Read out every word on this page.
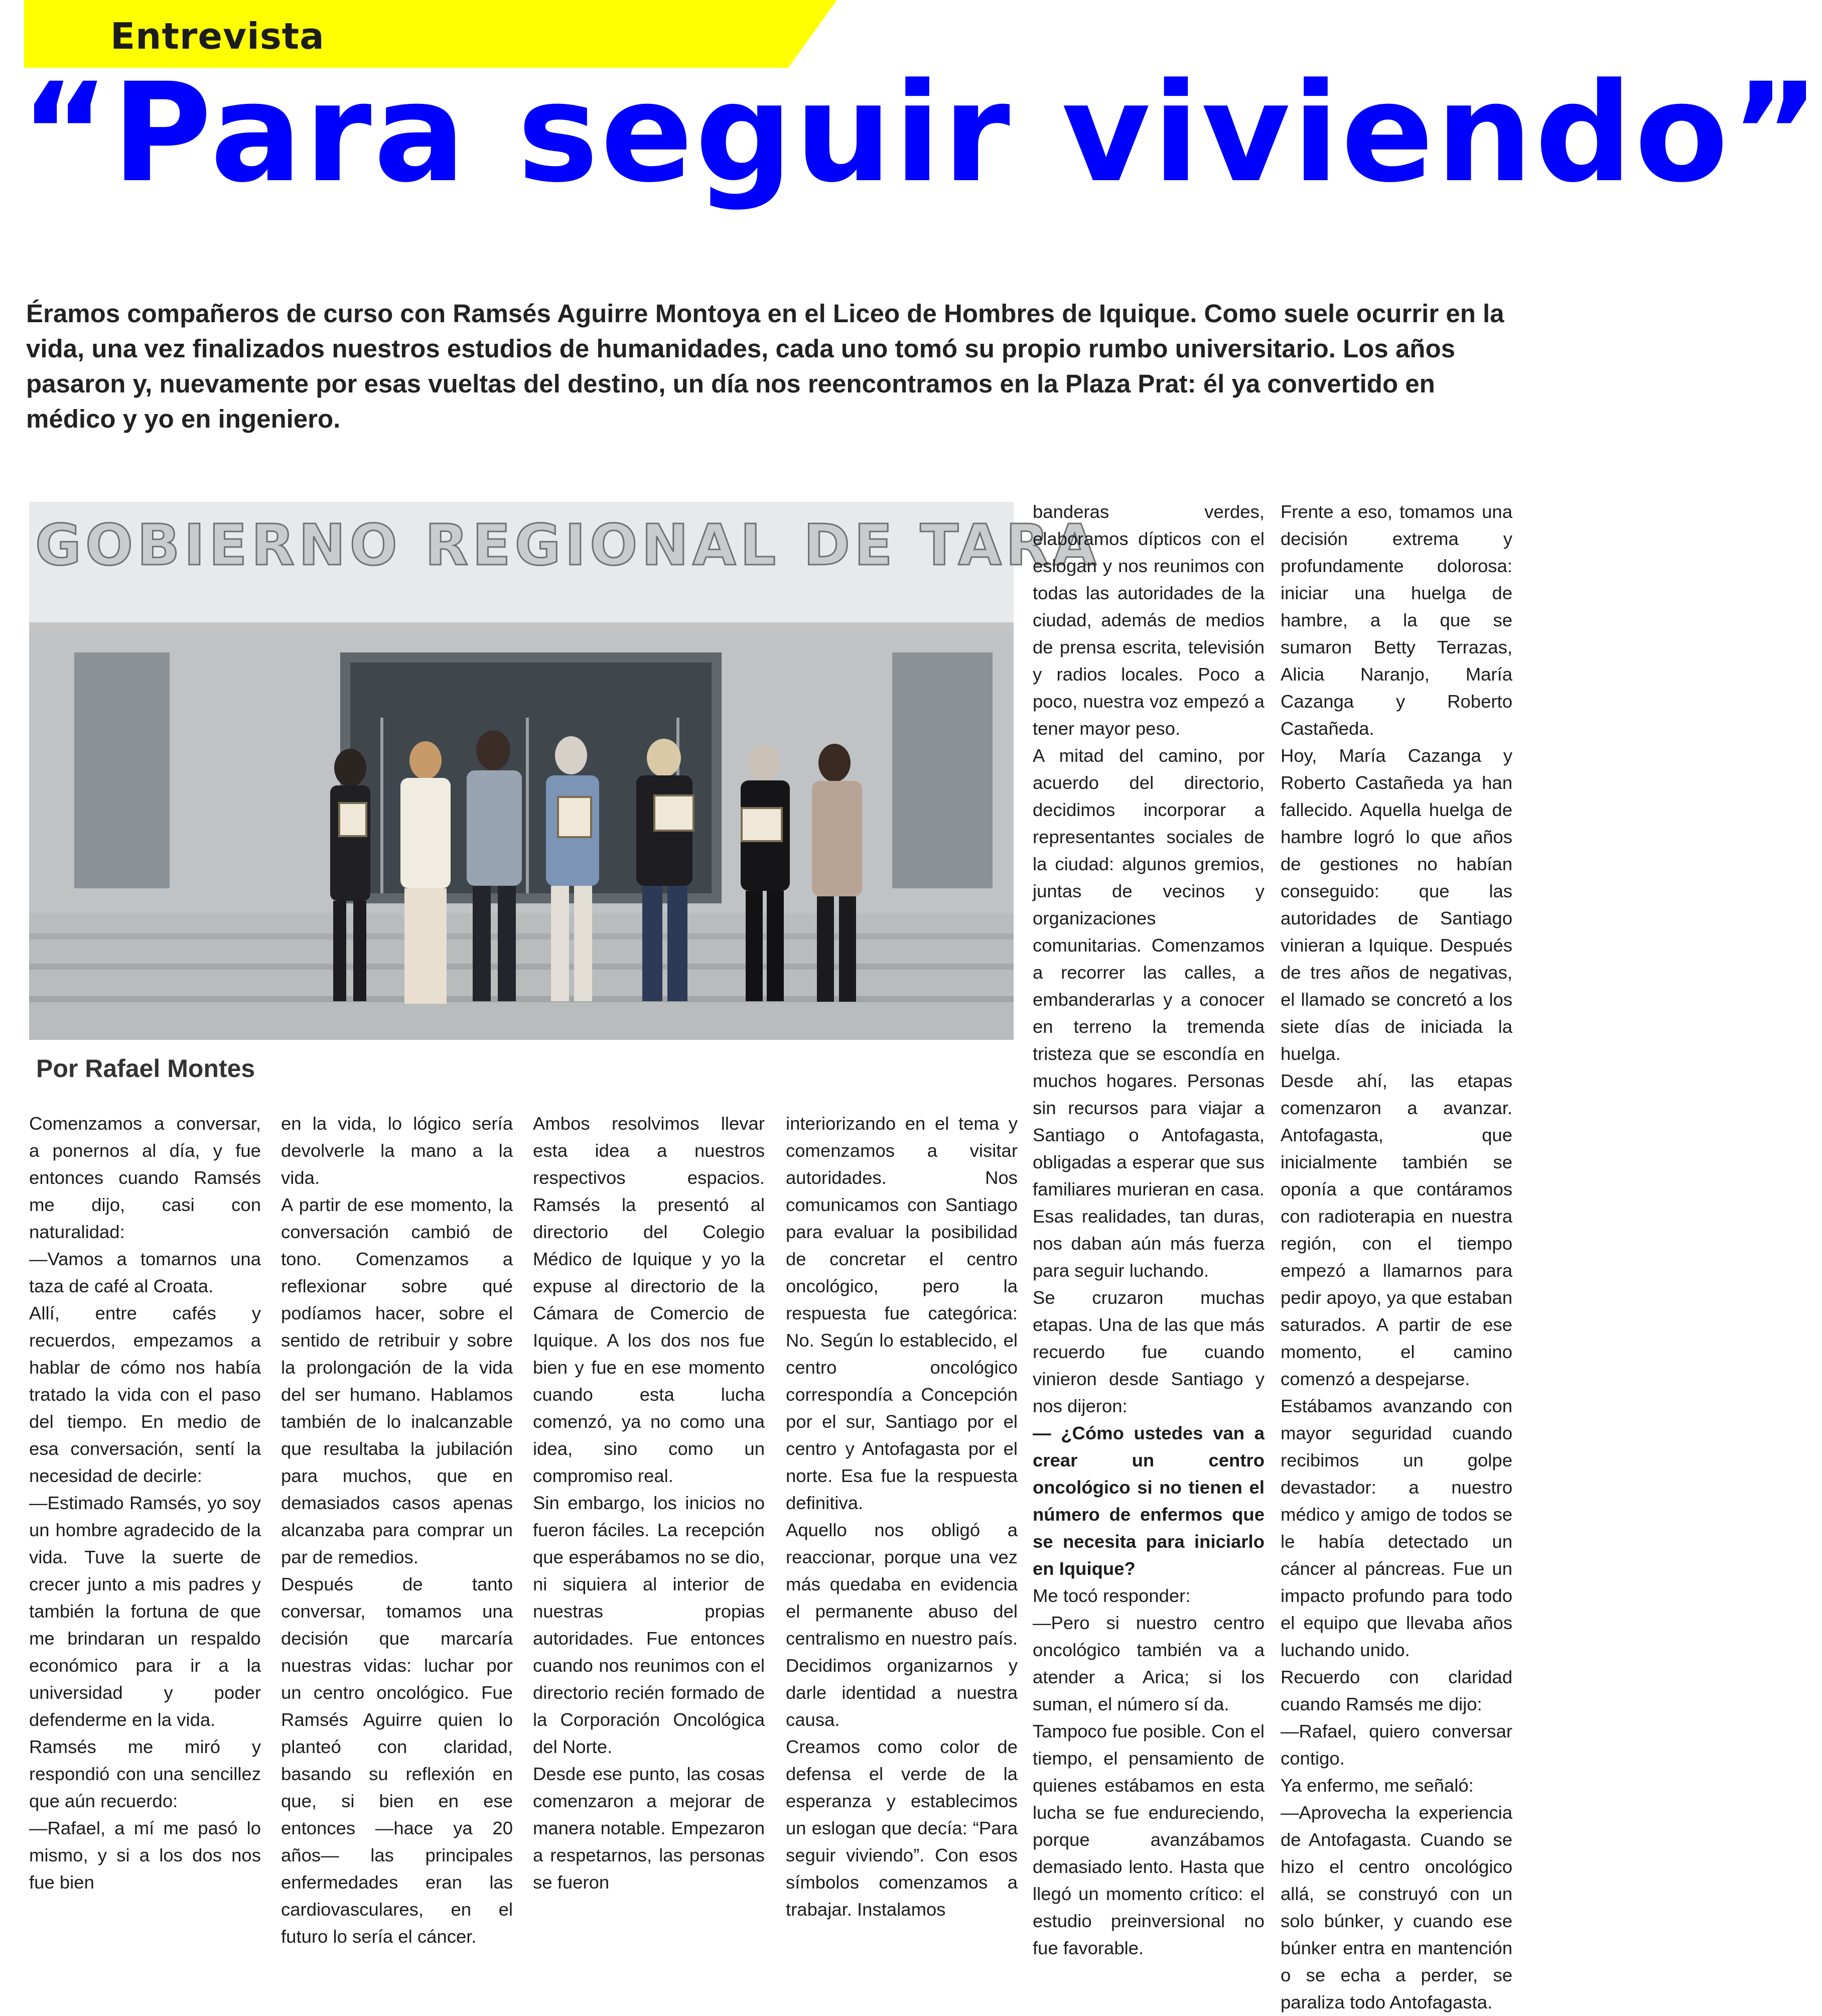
Entrevista
“Para seguir viviendo”
Éramos compañeros de curso con Ramsés Aguirre Montoya en el Liceo de Hombres de Iquique. Como suele ocurrir en la vida, una vez finalizados nuestros estudios de humanidades, cada uno tomó su propio rumbo universitario. Los años pasaron y, nuevamente por esas vueltas del destino, un día nos reencontramos en la Plaza Prat: él ya convertido en médico y yo en ingeniero.
GOBIERNO REGIONAL DE TARA
Por Rafael Montes

Comenzamos a conversar, a ponernos al día, y fue entonces cuando Ramsés me dijo, casi con naturalidad:

—Vamos a tomarnos una taza de café al Croata.

Allí, entre cafés y recuerdos, empezamos a hablar de cómo nos había tratado la vida con el paso del tiempo. En medio de esa conversación, sentí la necesidad de decirle:

—Estimado Ramsés, yo soy un hombre agradecido de la vida. Tuve la suerte de crecer junto a mis padres y también la fortuna de que me brindaran un respaldo económico para ir a la universidad y poder defenderme en la vida.

Ramsés me miró y respondió con una sencillez que aún recuerdo:

—Rafael, a mí me pasó lo mismo, y si a los dos nos fue bien

en la vida, lo lógico sería devolverle la mano a la vida.

A partir de ese momento, la conversación cambió de tono. Comenzamos a reflexionar sobre qué podíamos hacer, sobre el sentido de retribuir y sobre la prolongación de la vida del ser humano. Hablamos también de lo inalcanzable que resultaba la jubilación para muchos, que en demasiados casos apenas alcanzaba para comprar un par de remedios.

Después de tanto conversar, tomamos una decisión que marcaría nuestras vidas: luchar por un centro oncológico. Fue Ramsés Aguirre quien lo planteó con claridad, basando su reflexión en que, si bien en ese entonces —hace ya 20 años— las principales enfermedades eran las cardiovasculares, en el futuro lo sería el cáncer.

Ambos resolvimos llevar esta idea a nuestros respectivos espacios. Ramsés la presentó al directorio del Colegio Médico de Iquique y yo la expuse al directorio de la Cámara de Comercio de Iquique. A los dos nos fue bien y fue en ese momento cuando esta lucha comenzó, ya no como una idea, sino como un compromiso real.

Sin embargo, los inicios no fueron fáciles. La recepción que esperábamos no se dio, ni siquiera al interior de nuestras propias autoridades. Fue entonces cuando nos reunimos con el directorio recién formado de la Corporación Oncológica del Norte.

Desde ese punto, las cosas comenzaron a mejorar de manera notable. Empezaron a respetarnos, las personas se fueron

interiorizando en el tema y comenzamos a visitar autoridades. Nos comunicamos con Santiago para evaluar la posibilidad de concretar el centro oncológico, pero la respuesta fue categórica: No. Según lo establecido, el centro oncológico correspondía a Concepción por el sur, Santiago por el centro y Antofagasta por el norte. Esa fue la respuesta definitiva.

Aquello nos obligó a reaccionar, porque una vez más quedaba en evidencia el permanente abuso del centralismo en nuestro país. Decidimos organizarnos y darle identidad a nuestra causa.

Creamos como color de defensa el verde de la esperanza y establecimos un eslogan que decía: “Para seguir viviendo”. Con esos símbolos comenzamos a trabajar. Instalamos

banderas verdes, elaboramos dípticos con el eslogan y nos reunimos con todas las autoridades de la ciudad, además de medios de prensa escrita, televisión y radios locales. Poco a poco, nuestra voz empezó a tener mayor peso.

A mitad del camino, por acuerdo del directorio, decidimos incorporar a representantes sociales de la ciudad: algunos gremios, juntas de vecinos y organizaciones comunitarias. Comenzamos a recorrer las calles, a embanderarlas y a conocer en terreno la tremenda tristeza que se escondía en muchos hogares. Personas sin recursos para viajar a Santiago o Antofagasta, obligadas a esperar que sus familiares murieran en casa. Esas realidades, tan duras, nos daban aún más fuerza para seguir luchando.

Se cruzaron muchas etapas. Una de las que más recuerdo fue cuando vinieron desde Santiago y nos dijeron:

— ¿Cómo ustedes van a crear un centro oncológico si no tienen el número de enfermos que se necesita para iniciarlo en Iquique?

Me tocó responder:

—Pero si nuestro centro oncológico también va a atender a Arica; si los suman, el número sí da.

Tampoco fue posible. Con el tiempo, el pensamiento de quienes estábamos en esta lucha se fue endureciendo, porque avanzábamos demasiado lento. Hasta que llegó un momento crítico: el estudio preinversional no fue favorable.

Frente a eso, tomamos una decisión extrema y profundamente dolorosa: iniciar una huelga de hambre, a la que se sumaron Betty Terrazas, Alicia Naranjo, María Cazanga y Roberto Castañeda.

Hoy, María Cazanga y Roberto Castañeda ya han fallecido. Aquella huelga de hambre logró lo que años de gestiones no habían conseguido: que las autoridades de Santiago vinieran a Iquique. Después de tres años de negativas, el llamado se concretó a los siete días de iniciada la huelga.

Desde ahí, las etapas comenzaron a avanzar. Antofagasta, que inicialmente también se oponía a que contáramos con radioterapia en nuestra región, con el tiempo empezó a llamarnos para pedir apoyo, ya que estaban saturados. A partir de ese momento, el camino comenzó a despejarse.

Estábamos avanzando con mayor seguridad cuando recibimos un golpe devastador: a nuestro médico y amigo de todos se le había detectado un cáncer al páncreas. Fue un impacto profundo para todo el equipo que llevaba años luchando unido.

Recuerdo con claridad cuando Ramsés me dijo:

—Rafael, quiero conversar contigo.

Ya enfermo, me señaló:

—Aprovecha la experiencia de Antofagasta. Cuando se hizo el centro oncológico allá, se construyó con un solo búnker, y cuando ese búnker entra en mantención o se echa a perder, se paraliza todo Antofagasta.
